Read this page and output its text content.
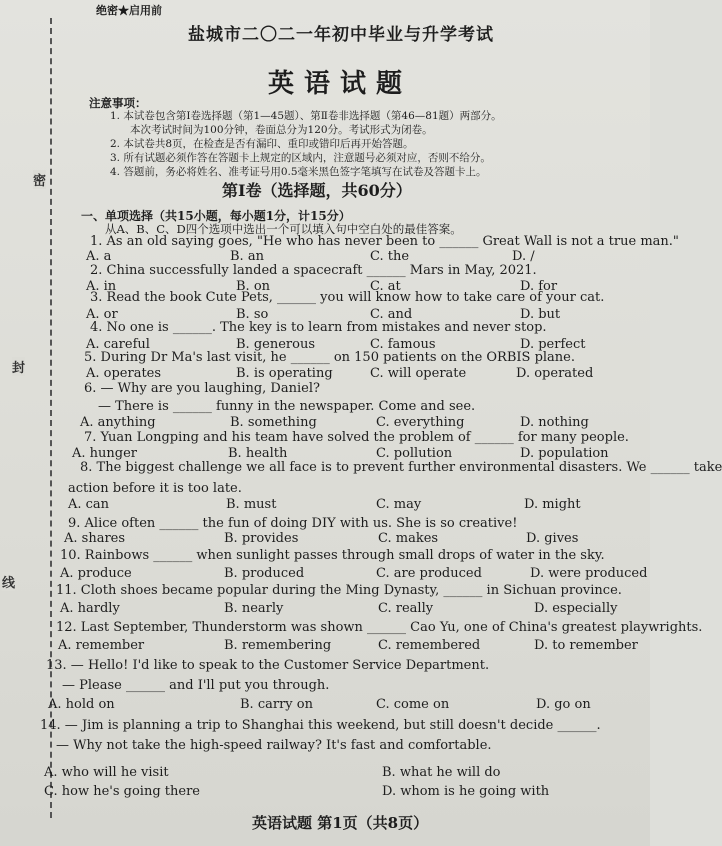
密
封
线
绝密★启用前
盐城市二〇二一年初中毕业与升学考试
英语试题
注意事项：
1. 本试卷包含第Ⅰ卷选择题（第1—45题）、第Ⅱ卷非选择题（第46—81题）两部分。
本次考试时间为100分钟，卷面总分为120分。考试形式为闭卷。
2. 本试卷共8页，在检查是否有漏印、重印或错印后再开始答题。
3. 所有试题必须作答在答题卡上规定的区域内，注意题号必须对应，否则不给分。
4. 答题前，务必将姓名、准考证号用0.5毫米黑色签字笔填写在试卷及答题卡上。
第Ⅰ卷（选择题，共60分）
一、单项选择（共15小题，每小题1分，计15分）
从A、B、C、D四个选项中选出一个可以填入句中空白处的最佳答案。
1. As an old saying goes, "He who has never been to ______ Great Wall is not a true man."
A. a	B. an	C. the	D. /
2. China successfully landed a spacecraft ______ Mars in May, 2021.
A. in	B. on	C. at	D. for
3. Read the book Cute Pets, ______ you will know how to take care of your cat.
A. or	B. so	C. and	D. but
4. No one is ______. The key is to learn from mistakes and never stop.
A. careful	B. generous	C. famous	D. perfect
5. During Dr Ma's last visit, he ______ on 150 patients on the ORBIS plane.
A. operates	B. is operating	C. will operate	D. operated
6. — Why are you laughing, Daniel?
— There is ______ funny in the newspaper. Come and see.
A. anything	B. something	C. everything	D. nothing
7. Yuan Longping and his team have solved the problem of ______ for many people.
A. hunger	B. health	C. pollution	D. population
8. The biggest challenge we all face is to prevent further environmental disasters. We ______ take
action before it is too late.
A. can	B. must	C. may	D. might
9. Alice often ______ the fun of doing DIY with us. She is so creative!
A. shares	B. provides	C. makes	D. gives
10. Rainbows ______ when sunlight passes through small drops of water in the sky.
A. produce	B. produced	C. are produced	D. were produced
11. Cloth shoes became popular during the Ming Dynasty, ______ in Sichuan province.
A. hardly	B. nearly	C. really	D. especially
12. Last September, Thunderstorm was shown ______ Cao Yu, one of China's greatest playwrights.
A. remember	B. remembering	C. remembered	D. to remember
13. — Hello! I'd like to speak to the Customer Service Department.
— Please ______ and I'll put you through.
A. hold on	B. carry on	C. come on	D. go on
14. — Jim is planning a trip to Shanghai this weekend, but still doesn't decide ______.
— Why not take the high-speed railway? It's fast and comfortable.
A. who will he visit	B. what he will do
C. how he's going there	D. whom is he going with
英语试题 第1页（共8页）
